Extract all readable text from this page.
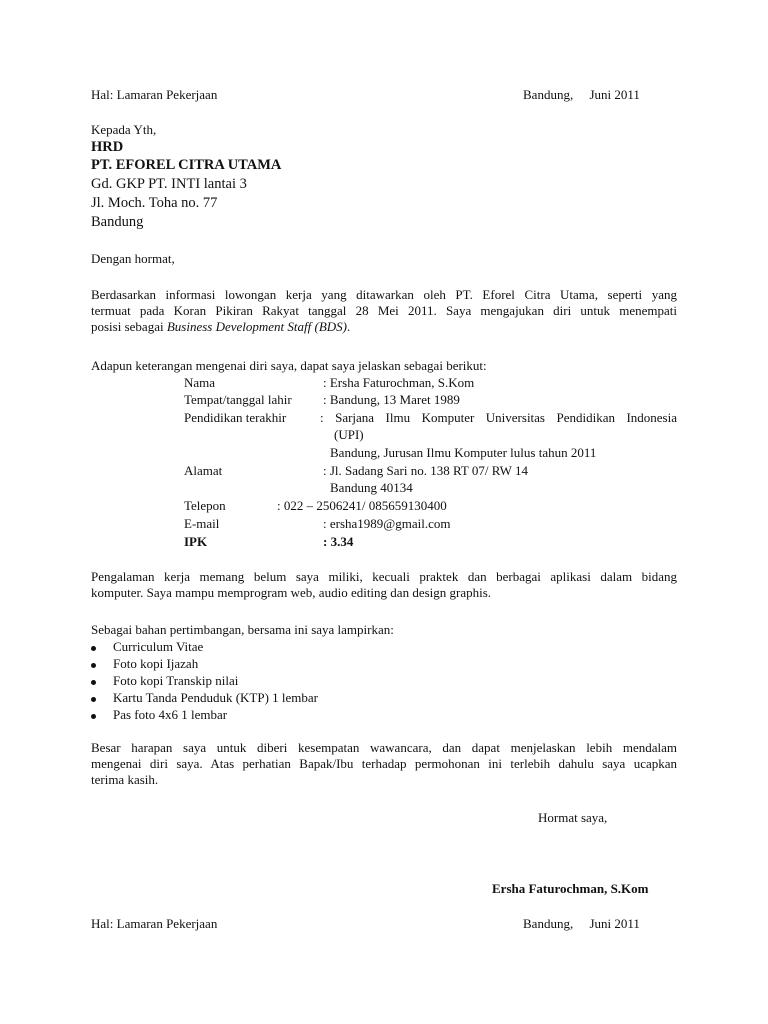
Hal: Lamaran Pekerjaan	Bandung,     Juni 2011
Kepada Yth,
HRD
PT. EFOREL CITRA UTAMA
Gd. GKP PT. INTI lantai 3
Jl. Moch. Toha no. 77
Bandung
Dengan hormat,
Berdasarkan informasi lowongan kerja yang ditawarkan oleh PT. Eforel Citra Utama, seperti yang
termuat pada Koran Pikiran Rakyat tanggal 28 Mei 2011. Saya mengajukan diri untuk menempati
posisi sebagai Business Development Staff (BDS).
Adapun keterangan mengenai diri saya, dapat saya jelaskan sebagai berikut:
Nama	: Ersha Faturochman, S.Kom
Tempat/tanggal lahir : Bandung, 13 Maret 1989
Pendidikan terakhir	:  Sarjana  Ilmu  Komputer  Universitas  Pendidikan  Indonesia
(UPI)
Bandung, Jurusan Ilmu Komputer lulus tahun 2011
Alamat	: Jl. Sadang Sari no. 138 RT 07/ RW 14
Bandung 40134
Telepon	: 022 – 2506241/ 085659130400
E-mail	: ersha1989@gmail.com
IPK	: 3.34
Pengalaman kerja memang belum saya miliki, kecuali praktek dan berbagai aplikasi dalam bidang
komputer. Saya mampu memprogram web, audio editing dan design graphis.
Sebagai bahan pertimbangan, bersama ini saya lampirkan:
Curriculum Vitae
Foto kopi Ijazah
Foto kopi Transkip nilai
Kartu Tanda Penduduk (KTP) 1 lembar
Pas foto 4x6 1 lembar
Besar harapan saya untuk diberi kesempatan wawancara, dan dapat menjelaskan lebih mendalam
mengenai diri saya. Atas perhatian Bapak/Ibu terhadap permohonan ini terlebih dahulu saya ucapkan
terima kasih.
Hormat saya,
Ersha Faturochman, S.Kom
Hal: Lamaran Pekerjaan	Bandung,     Juni 2011
